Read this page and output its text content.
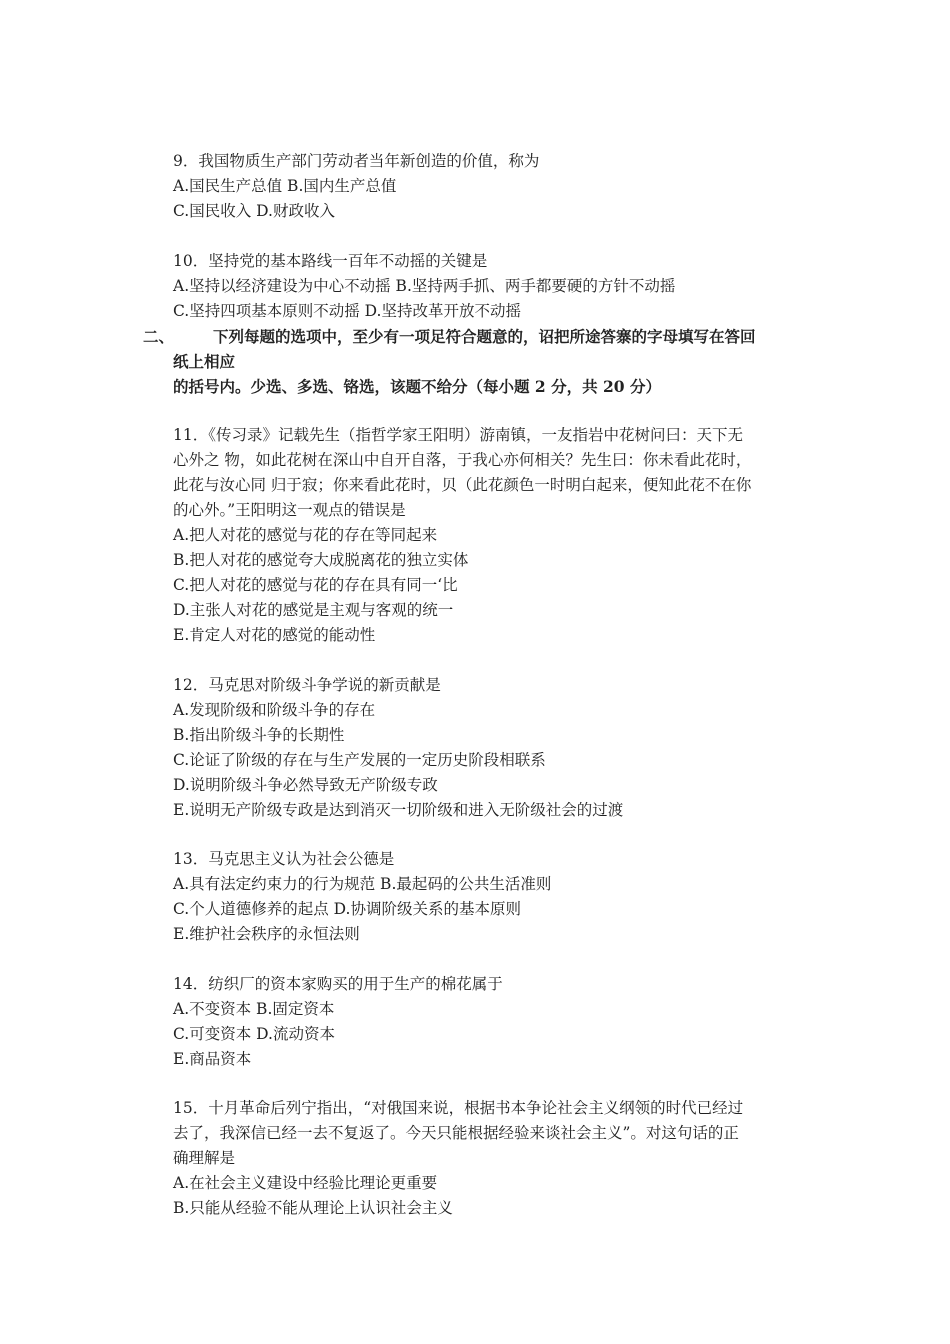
9．我国物质生产部门劳动者当年新创造的价值，称为
A.国民生产总值 B.国内生产总值
C.国民收入 D.财政收入
10．坚持党的基本路线一百年不动摇的关键是
A.坚持以经济建设为中心不动摇 B.坚持两手抓、两手都要硬的方针不动摇
C.坚持四项基本原则不动摇 D.坚持改革开放不动摇
二、	下列每题的选项中，至少有一项足符合题意的，诏把所途答寨的字母填写在答回
纸上相应
的括号内。少选、多选、铬选，该题不给分（每小题 2 分，共 20 分）
11．《传习录》记载先生（指哲学家王阳明）游南镇，一友指岩中花树问曰：天下无
心外之 物，如此花树在深山中自开自落，于我心亦何相关？先生曰：你未看此花时，
此花与汝心同 归于寂；你来看此花时，贝（此花颜色一时明白起来，便知此花不在你
的心外。”王阳明这一观点的错误是
A.把人对花的感觉与花的存在等同起来
B.把人对花的感觉夸大成脱离花的独立实体
C.把人对花的感觉与花的存在具有同一‘比
D.主张人对花的感觉是主观与客观的统一
E.肯定人对花的感觉的能动性
12．马克思对阶级斗争学说的新贡献是
A.发现阶级和阶级斗争的存在
B.指出阶级斗争的长期性
C.论证了阶级的存在与生产发展的一定历史阶段相联系
D.说明阶级斗争必然导致无产阶级专政
E.说明无产阶级专政是达到消灭一切阶级和进入无阶级社会的过渡
13．马克思主义认为社会公德是
A.具有法定约束力的行为规范 B.最起码的公共生活准则
C.个人道德修养的起点 D.协调阶级关系的基本原则
E.维护社会秩序的永恒法则
14．纺织厂的资本家购买的用于生产的棉花属于
A.不变资本 B.固定资本
C.可变资本 D.流动资本
E.商品资本
15．十月革命后列宁指出，“对俄国来说，根据书本争论社会主义纲领的时代已经过
去了，我深信已经一去不复返了。今天只能根据经验来谈社会主义”。对这句话的正
确理解是
A.在社会主义建设中经验比理论更重要
B.只能从经验不能从理论上认识社会主义
